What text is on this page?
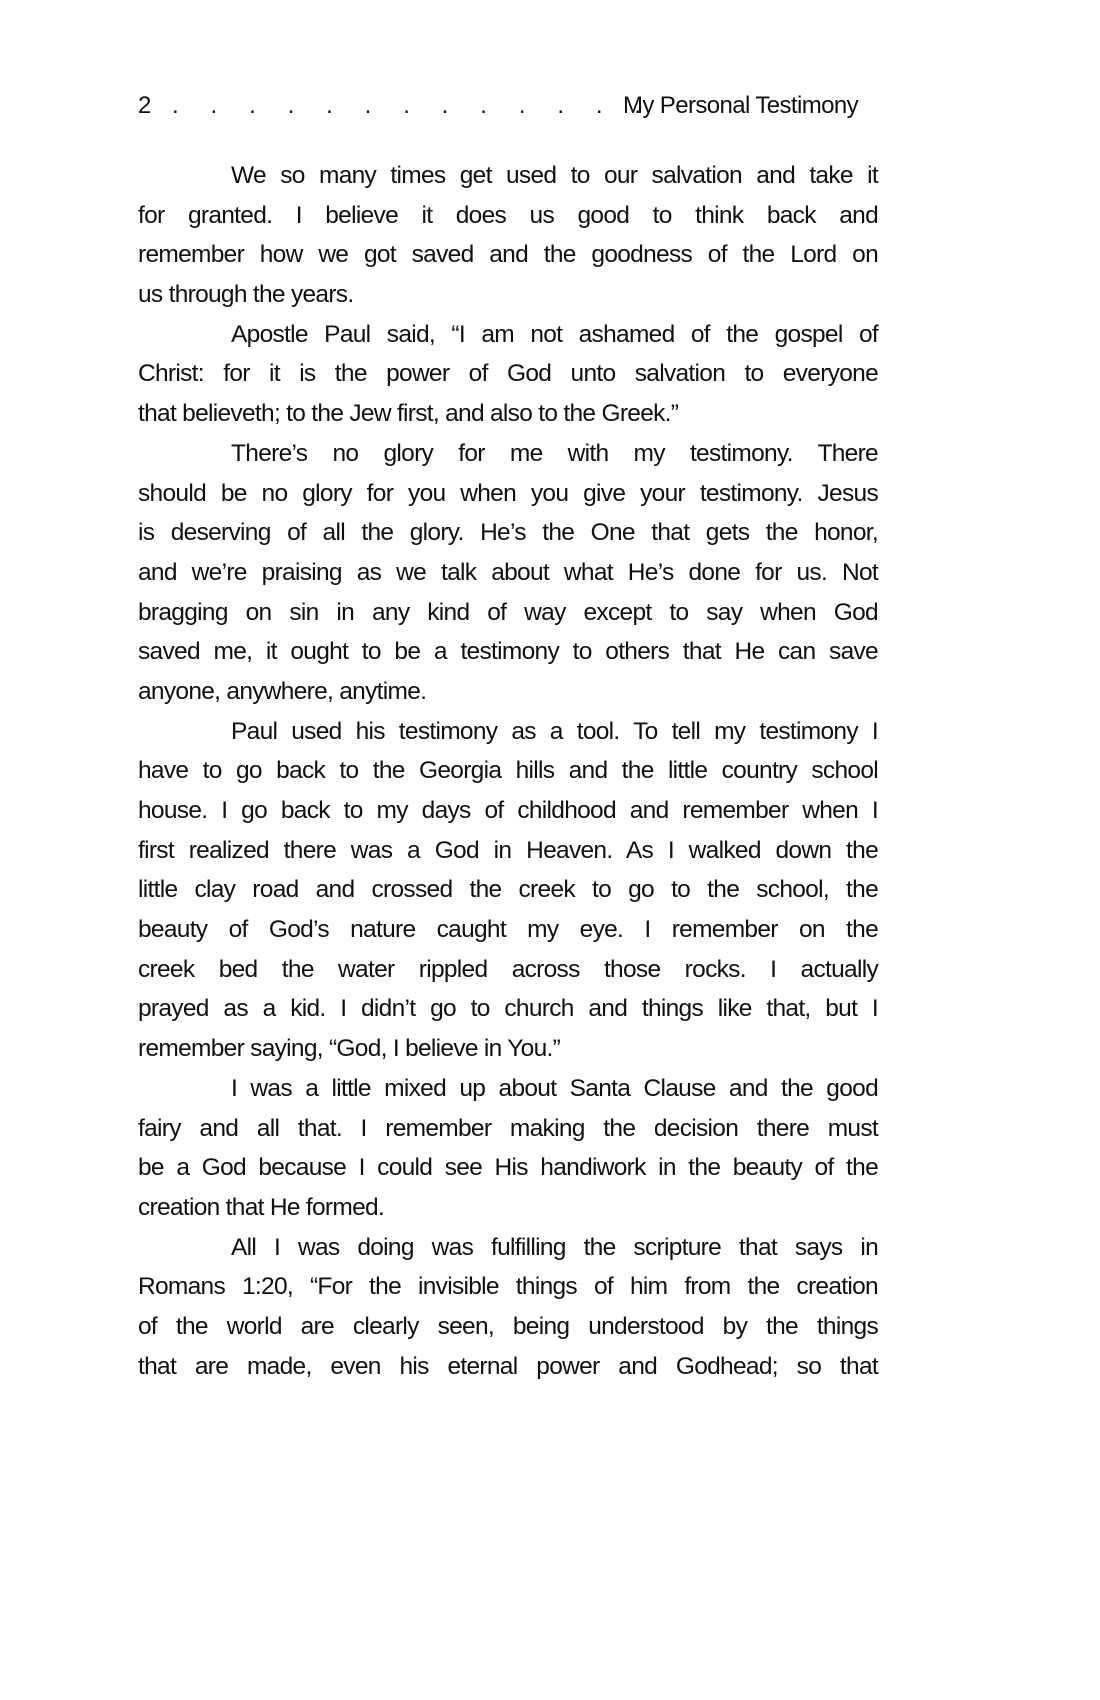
2 . . . . . . . . . . . . .
My Personal Testimony
We so many times get used to our salvation and take it
for granted. I believe it does us good to think back and
remember how we got saved and the goodness of the Lord on
us through the years.
Apostle Paul said, “I am not ashamed of the gospel of
Christ: for it is the power of God unto salvation to everyone
that believeth; to the Jew first, and also to the Greek.”
There’s no glory for me with my testimony. There
should be no glory for you when you give your testimony. Jesus
is deserving of all the glory. He’s the One that gets the honor,
and we’re praising as we talk about what He’s done for us. Not
bragging on sin in any kind of way except to say when God
saved me, it ought to be a testimony to others that He can save
anyone, anywhere, anytime.
Paul used his testimony as a tool. To tell my testimony I
have to go back to the Georgia hills and the little country school
house. I go back to my days of childhood and remember when I
first realized there was a God in Heaven. As I walked down the
little clay road and crossed the creek to go to the school, the
beauty of God’s nature caught my eye. I remember on the
creek bed the water rippled across those rocks. I actually
prayed as a kid. I didn’t go to church and things like that, but I
remember saying, “God, I believe in You.”
I was a little mixed up about Santa Clause and the good
fairy and all that. I remember making the decision there must
be a God because I could see His handiwork in the beauty of the
creation that He formed.
All I was doing was fulfilling the scripture that says in
Romans 1:20, “For the invisible things of him from the creation
of the world are clearly seen, being understood by the things
that are made, even his eternal power and Godhead; so that
